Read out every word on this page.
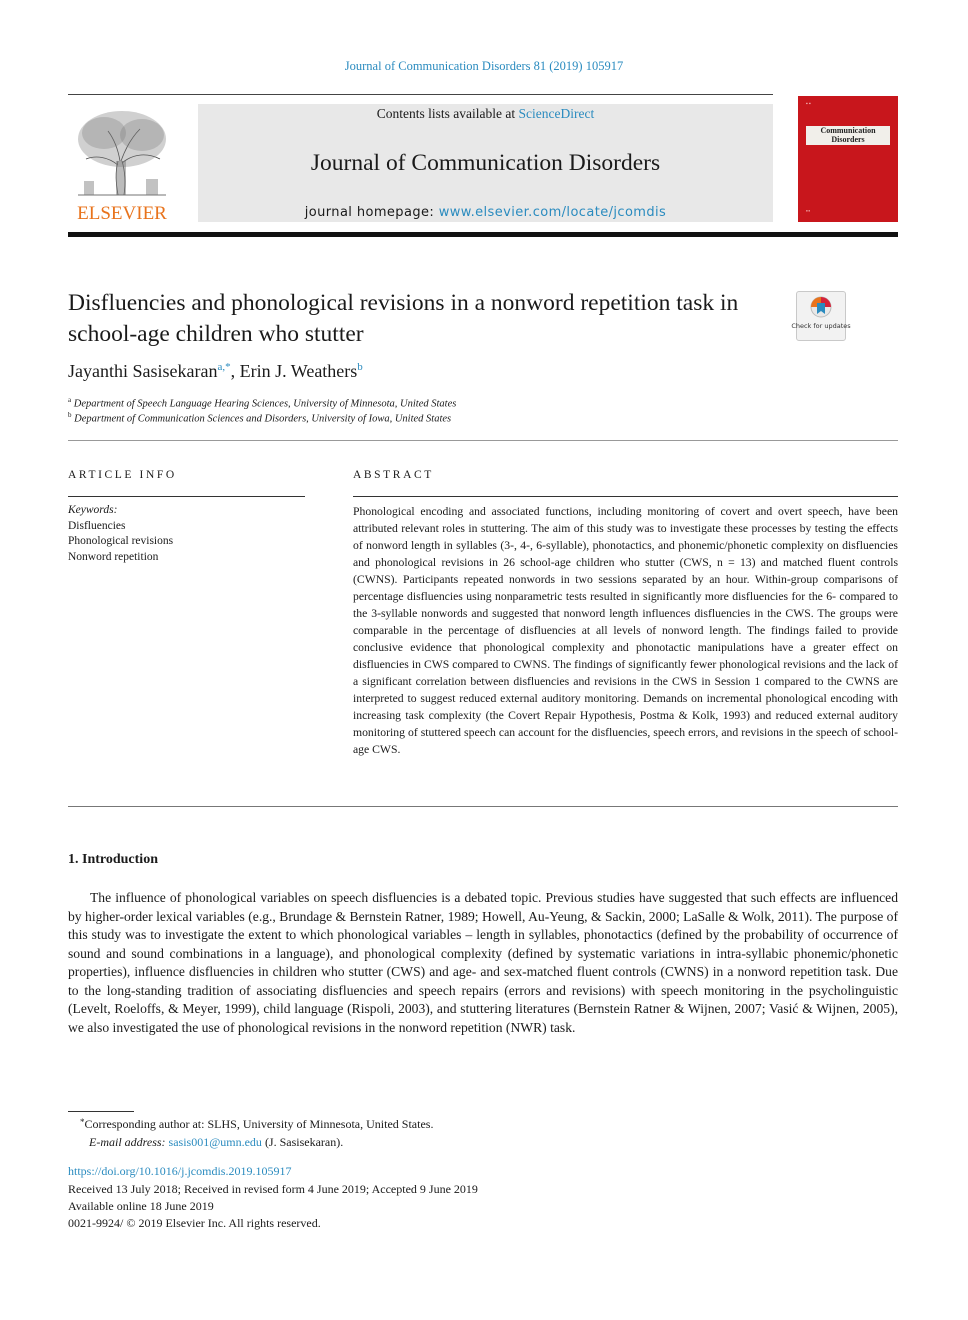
Journal of Communication Disorders 81 (2019) 105917
ELSEVIER
Contents lists available at ScienceDirect
Journal of Communication Disorders
journal homepage: www.elsevier.com/locate/jcomdis
▪ ▪
Communication Disorders
▪▪▪
Disfluencies and phonological revisions in a nonword repetition task in school-age children who stutter	Check for updates
Jayanthi Sasisekaran$^{a,*}$, Erin J. Weathers$^b$
$^a$ Department of Speech Language Hearing Sciences, University of Minnesota, United States
$^b$ Department of Communication Sciences and Disorders, University of Iowa, United States
ARTICLE INFO	ABSTRACT
Keywords:
Disfluencies
Phonological revisions
Nonword repetition
Phonological encoding and associated functions, including monitoring of covert and overt speech, have been attributed relevant roles in stuttering. The aim of this study was to investigate these processes by testing the effects of nonword length in syllables (3-, 4-, 6-syllable), phonotactics, and phonemic/phonetic complexity on disfluencies and phonological revisions in 26 school-age children who stutter (CWS, n = 13) and matched fluent controls (CWNS). Participants repeated nonwords in two sessions separated by an hour. Within-group comparisons of percentage disfluencies using nonparametric tests resulted in significantly more disfluencies for the 6- compared to the 3-syllable nonwords and suggested that nonword length influences disfluencies in the CWS. The groups were comparable in the percentage of disfluencies at all levels of nonword length. The findings failed to provide conclusive evidence that phonological complexity and phonotactic manipulations have a greater effect on disfluencies in CWS compared to CWNS. The findings of significantly fewer phonological revisions and the lack of a significant correlation between disfluencies and revisions in the CWS in Session 1 compared to the CWNS are interpreted to suggest reduced external auditory monitoring. Demands on incremental phonological encoding with increasing task complexity (the Covert Repair Hypothesis, Postma & Kolk, 1993) and reduced external auditory monitoring of stuttered speech can account for the disfluencies, speech errors, and revisions in the speech of school-age CWS.
1. Introduction
The influence of phonological variables on speech disfluencies is a debated topic. Previous studies have suggested that such effects are influenced by higher-order lexical variables (e.g., Brundage & Bernstein Ratner, 1989; Howell, Au-Yeung, & Sackin, 2000; LaSalle & Wolk, 2011). The purpose of this study was to investigate the extent to which phonological variables – length in syllables, phonotactics (defined by the probability of occurrence of sound and sound combinations in a language), and phonological complexity (defined by systematic variations in intra-syllabic phonemic/phonetic properties), influence disfluencies in children who stutter (CWS) and age- and sex-matched fluent controls (CWNS) in a nonword repetition task. Due to the long-standing tradition of associating disfluencies and speech repairs (errors and revisions) with speech monitoring in the psycholinguistic (Levelt, Roeloffs, & Meyer, 1999), child language (Rispoli, 2003), and stuttering literatures (Bernstein Ratner & Wijnen, 2007; Vasić & Wijnen, 2005), we also investigated the use of phonological revisions in the nonword repetition (NWR) task.
*Corresponding author at: SLHS, University of Minnesota, United States.
E-mail address: sasis001@umn.edu (J. Sasisekaran).
https://doi.org/10.1016/j.jcomdis.2019.105917
Received 13 July 2018; Received in revised form 4 June 2019; Accepted 9 June 2019
Available online 18 June 2019
0021-9924/ © 2019 Elsevier Inc. All rights reserved.
